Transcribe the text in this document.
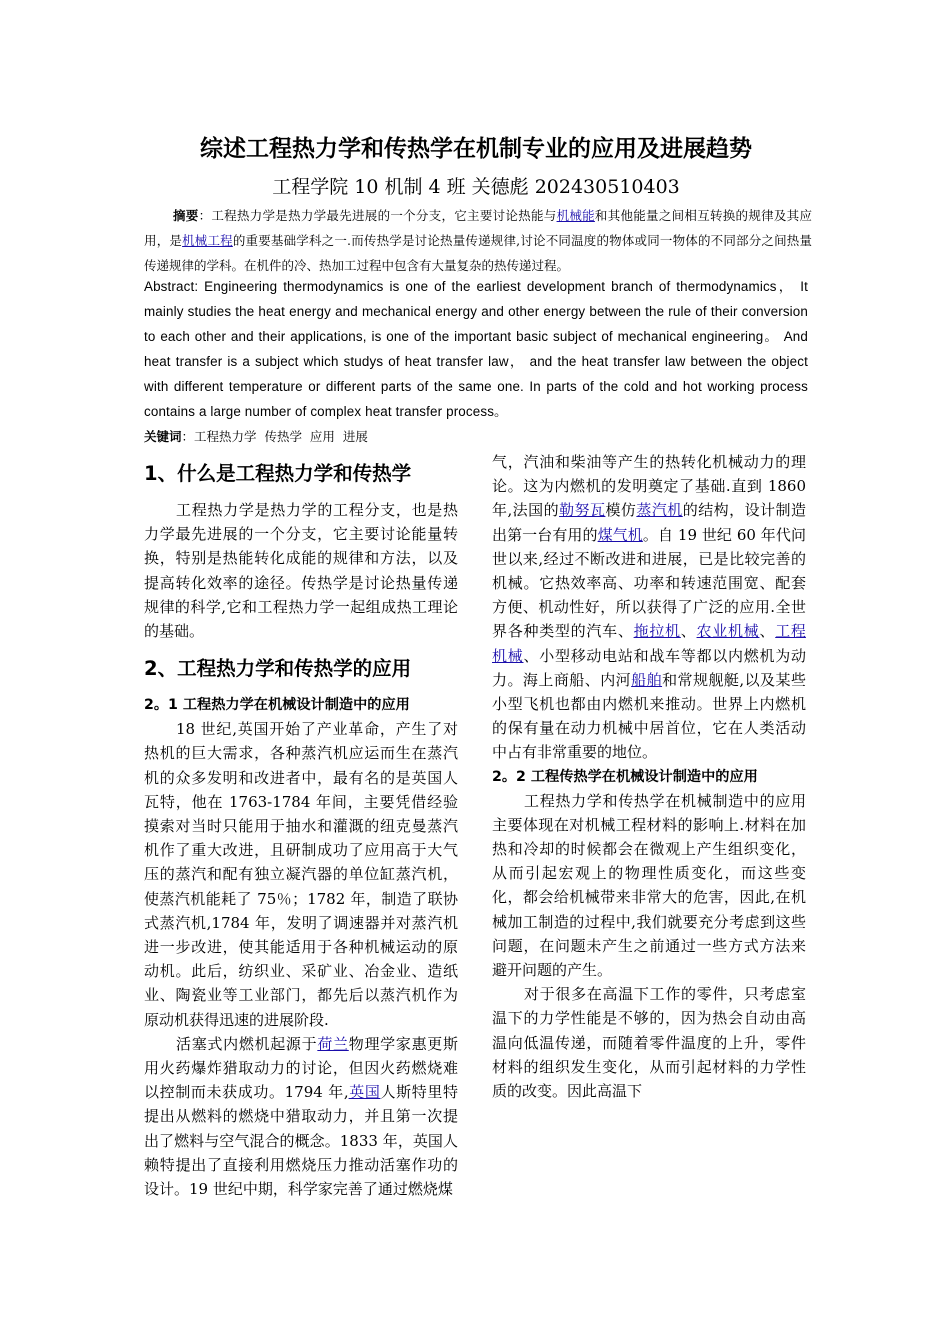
综述工程热力学和传热学在机制专业的应用及进展趋势

工程学院 10 机制 4 班 关德彪 202430510403

摘要：工程热力学是热力学最先进展的一个分支，它主要讨论热能与机械能和其他能量之间相互转换的规律及其应用，是机械工程的重要基础学科之一.而传热学是讨论热量传递规律,讨论不同温度的物体或同一物体的不同部分之间热量传递规律的学科。在机件的冷、热加工过程中包含有大量复杂的热传递过程。

Abstract: Engineering thermodynamics is one of the earliest development branch of thermodynamics， It mainly studies the heat energy and mechanical energy and other energy between the rule of their conversion to each other and their applications, is one of the important basic subject of mechanical engineering。 And heat transfer is a subject which studys of heat transfer law， and the heat transfer law between the object with different temperature or different parts of the same one. In parts of the cold and hot working process contains a large number of complex heat transfer process。

关键词：工程热力学  传热学  应用  进展

1、什么是工程热力学和传热学

工程热力学是热力学的工程分支，也是热力学最先进展的一个分支，它主要讨论能量转换，特别是热能转化成能的规律和方法，以及提高转化效率的途径。传热学是讨论热量传递规律的科学,它和工程热力学一起组成热工理论的基础。

2、工程热力学和传热学的应用

2。1 工程热力学在机械设计制造中的应用

18 世纪,英国开始了产业革命，产生了对热机的巨大需求，各种蒸汽机应运而生在蒸汽机的众多发明和改进者中，最有名的是英国人瓦特，他在 1763-1784 年间，主要凭借经验摸索对当时只能用于抽水和灌溉的纽克曼蒸汽机作了重大改进，且研制成功了应用高于大气压的蒸汽和配有独立凝汽器的单位缸蒸汽机，使蒸汽机能耗了 75％；1782 年，制造了联协式蒸汽机,1784 年，发明了调速器并对蒸汽机进一步改进，使其能适用于各种机械运动的原动机。此后，纺织业、采矿业、冶金业、造纸业、陶瓷业等工业部门，都先后以蒸汽机作为原动机获得迅速的进展阶段.

活塞式内燃机起源于荷兰物理学家惠更斯用火药爆炸猎取动力的讨论，但因火药燃烧难以控制而未获成功。1794 年,英国人斯特里特提出从燃料的燃烧中猎取动力，并且第一次提出了燃料与空气混合的概念。1833 年，英国人赖特提出了直接利用燃烧压力推动活塞作功的设计。19 世纪中期，科学家完善了通过燃烧煤

气，汽油和柴油等产生的热转化机械动力的理论。这为内燃机的发明奠定了基础.直到 1860 年,法国的勒努瓦模仿蒸汽机的结构，设计制造出第一台有用的煤气机。自 19 世纪 60 年代问世以来,经过不断改进和进展，已是比较完善的机械。它热效率高、功率和转速范围宽、配套方便、机动性好，所以获得了广泛的应用.全世界各种类型的汽车、拖拉机、农业机械、工程机械、小型移动电站和战车等都以内燃机为动力。海上商船、内河船舶和常规舰艇,以及某些小型飞机也都由内燃机来推动。世界上内燃机的保有量在动力机械中居首位，它在人类活动中占有非常重要的地位。

2。2 工程传热学在机械设计制造中的应用

工程热力学和传热学在机械制造中的应用主要体现在对机械工程材料的影响上.材料在加热和冷却的时候都会在微观上产生组织变化，从而引起宏观上的物理性质变化，而这些变化，都会给机械带来非常大的危害，因此,在机械加工制造的过程中,我们就要充分考虑到这些问题，在问题未产生之前通过一些方式方法来避开问题的产生。

对于很多在高温下工作的零件，只考虑室温下的力学性能是不够的，因为热会自动由高温向低温传递，而随着零件温度的上升，零件材料的组织发生变化，从而引起材料的力学性质的改变。因此高温下
